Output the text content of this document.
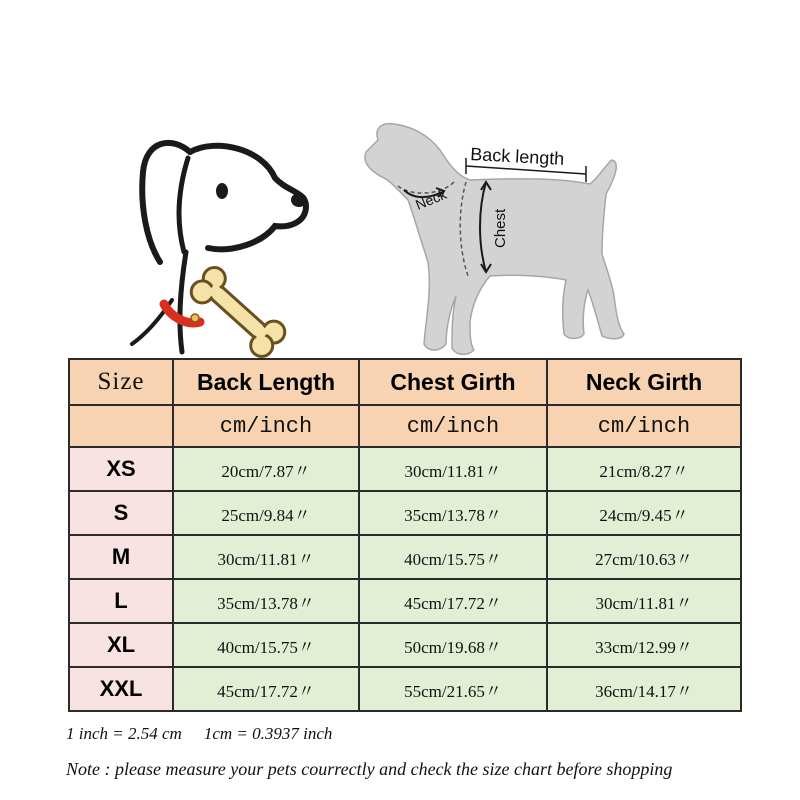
Back length
Neck
Chest
Size	Back Length	Chest Girth	Neck Girth
	cm/inch	cm/inch	cm/inch
XS	20cm/7.87〃	30cm/11.81〃	21cm/8.27〃
S	25cm/9.84〃	35cm/13.78〃	24cm/9.45〃
M	30cm/11.81〃	40cm/15.75〃	27cm/10.63〃
L	35cm/13.78〃	45cm/17.72〃	30cm/11.81〃
XL	40cm/15.75〃	50cm/19.68〃	33cm/12.99〃
XXL	45cm/17.72〃	55cm/21.65〃	36cm/14.17〃
1 inch = 2.54 cm 1cm = 0.3937 inch
Note : please measure your pets courrectly and check the size chart before shopping
